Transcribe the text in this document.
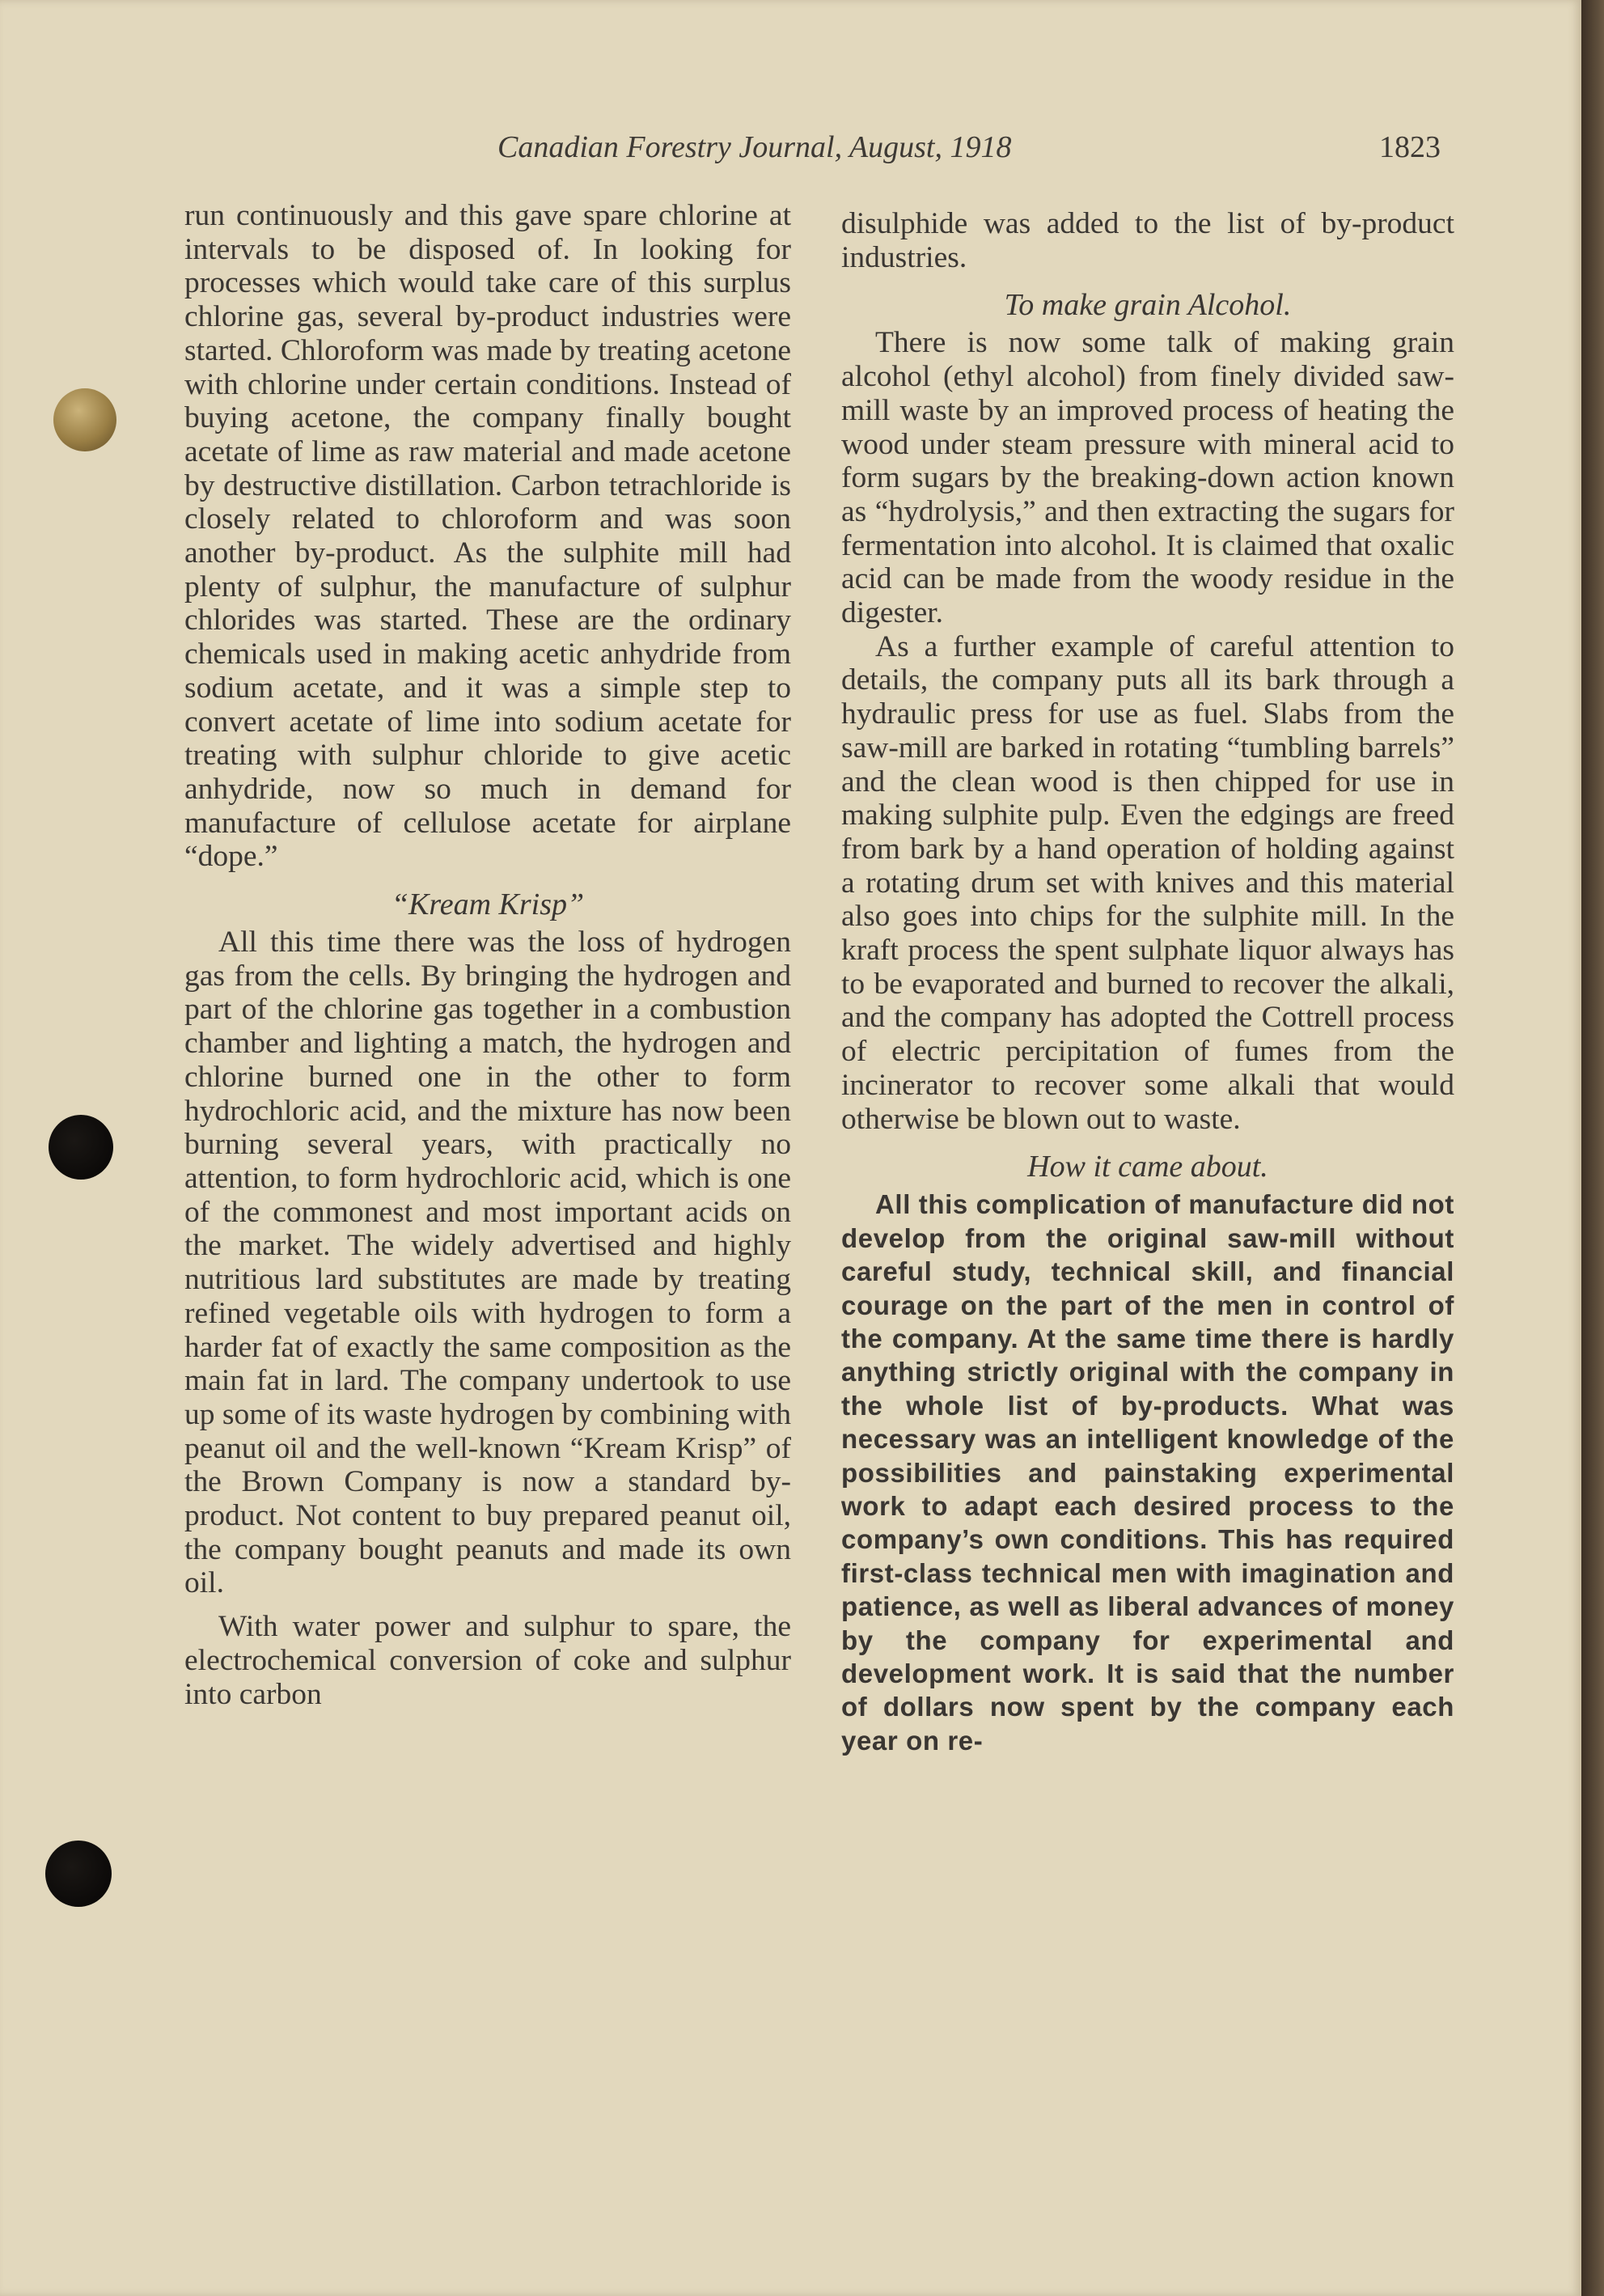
Canadian Forestry Journal, August, 1918	1823

run continuously and this gave spare chlorine at intervals to be disposed of. In looking for processes which would take care of this surplus chlorine gas, several by-product industries were started. Chloroform was made by treating acetone with chlorine under certain conditions. Instead of buying acetone, the company finally bought acetate of lime as raw material and made acetone by destructive distillation. Carbon tetrachloride is closely related to chloroform and was soon another by-product. As the sulphite mill had plenty of sulphur, the manufacture of sulphur chlorides was started. These are the ordinary chemicals used in making acetic anhydride from sodium acetate, and it was a simple step to convert acetate of lime into sodium acetate for treating with sulphur chloride to give acetic anhydride, now so much in demand for manufacture of cellulose acetate for airplane “dope.”

“Kream Krisp”

All this time there was the loss of hydrogen gas from the cells. By bringing the hydrogen and part of the chlorine gas together in a combustion chamber and lighting a match, the hydrogen and chlorine burned one in the other to form hydrochloric acid, and the mixture has now been burning several years, with practically no attention, to form hydrochloric acid, which is one of the commonest and most important acids on the market. The widely advertised and highly nutritious lard substitutes are made by treating refined vegetable oils with hydrogen to form a harder fat of exactly the same composition as the main fat in lard. The company undertook to use up some of its waste hydrogen by combining with peanut oil and the well-known “Kream Krisp” of the Brown Company is now a standard by-product. Not content to buy prepared peanut oil, the company bought peanuts and made its own oil.

With water power and sulphur to spare, the electrochemical conversion of coke and sulphur into carbon

disulphide was added to the list of by-product industries.

To make grain Alcohol.

There is now some talk of making grain alcohol (ethyl alcohol) from finely divided saw-mill waste by an improved process of heating the wood under steam pressure with mineral acid to form sugars by the breaking-down action known as “hydrolysis,” and then extracting the sugars for fermentation into alcohol. It is claimed that oxalic acid can be made from the woody residue in the digester.

As a further example of careful attention to details, the company puts all its bark through a hydraulic press for use as fuel. Slabs from the saw-mill are barked in rotating “tumbling barrels” and the clean wood is then chipped for use in making sulphite pulp. Even the edgings are freed from bark by a hand operation of holding against a rotating drum set with knives and this material also goes into chips for the sulphite mill. In the kraft process the spent sulphate liquor always has to be evaporated and burned to recover the alkali, and the company has adopted the Cottrell process of electric percipitation of fumes from the incinerator to recover some alkali that would otherwise be blown out to waste.

How it came about.

All this complication of manufacture did not develop from the original saw-mill without careful study, technical skill, and financial courage on the part of the men in control of the company. At the same time there is hardly anything strictly original with the company in the whole list of by-products. What was necessary was an intelligent knowledge of the possibilities and painstaking experimental work to adapt each desired process to the company’s own conditions. This has required first-class technical men with imagination and patience, as well as liberal advances of money by the company for experimental and development work. It is said that the number of dollars now spent by the company each year on re-
